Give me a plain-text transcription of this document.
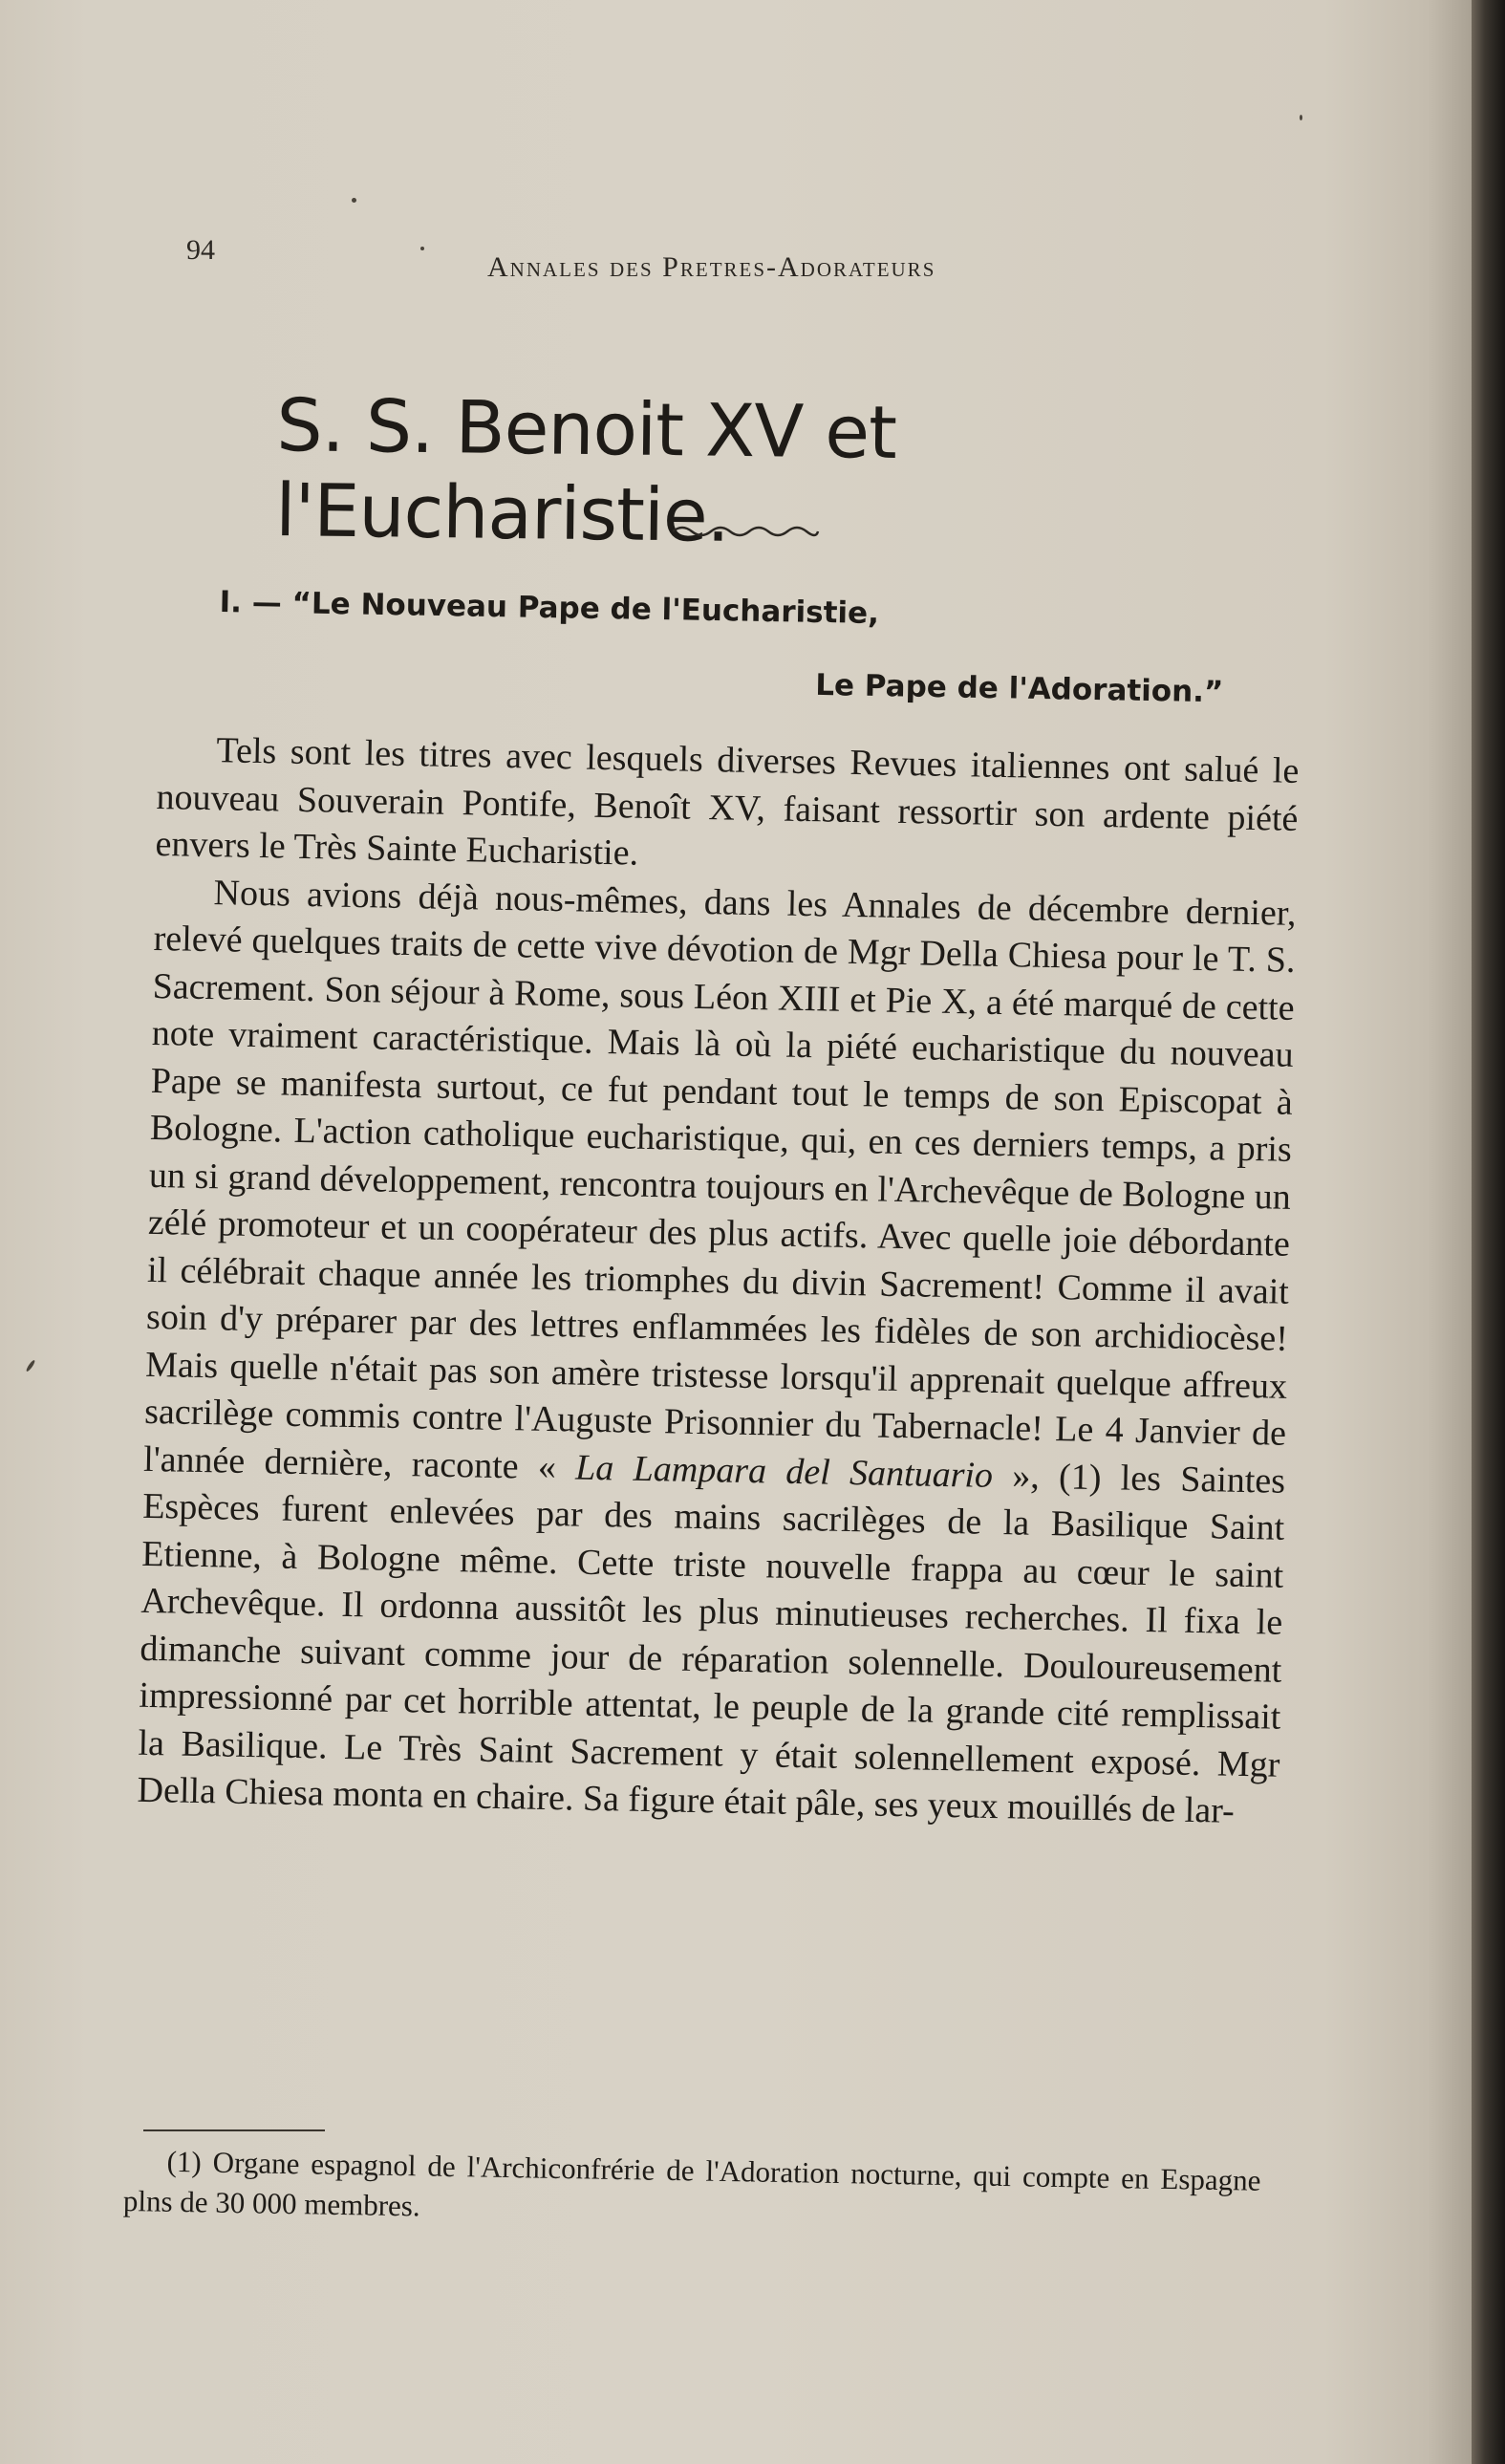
94
Annales des Pretres-Adorateurs
S. S. Benoit XV et l'Eucharistie.
I. — “Le Nouveau Pape de l'Eucharistie,
Le Pape de l'Adoration.”

Tels sont les titres avec lesquels diverses Revues italiennes ont salué le nouveau Souverain Pontife, Benoît XV, faisant ressortir son ardente piété envers le Très Sainte Eucharistie.

Nous avions déjà nous-mêmes, dans les Annales de décembre dernier, relevé quelques traits de cette vive dévotion de Mgr Della Chiesa pour le T. S. Sacrement. Son séjour à Rome, sous Léon XIII et Pie X, a été marqué de cette note vraiment caractéristique. Mais là où la piété eucharistique du nouveau Pape se manifesta surtout, ce fut pendant tout le temps de son Episcopat à Bologne. L'action catholique eucharistique, qui, en ces derniers temps, a pris un si grand développement, rencontra toujours en l'Archevêque de Bologne un zélé promoteur et un coopérateur des plus actifs. Avec quelle joie débordante il célébrait chaque année les triomphes du divin Sacrement! Comme il avait soin d'y préparer par des lettres enflammées les fidèles de son archidiocèse! Mais quelle n'était pas son amère tristesse lorsqu'il apprenait quelque affreux sacrilège commis contre l'Auguste Prisonnier du Tabernacle! Le 4 Janvier de l'année dernière, raconte « La Lampara del Santuario », (1) les Saintes Espèces furent enlevées par des mains sacrilèges de la Basilique Saint Etienne, à Bologne même. Cette triste nouvelle frappa au cœur le saint Archevêque. Il ordonna aussitôt les plus minutieuses recherches. Il fixa le dimanche suivant comme jour de réparation solennelle. Douloureusement impressionné par cet horrible attentat, le peuple de la grande cité remplissait la Basilique. Le Très Saint Sacrement y était solennellement exposé. Mgr Della Chiesa monta en chaire. Sa figure était pâle, ses yeux mouillés de lar-

(1) Organe espagnol de l'Archiconfrérie de l'Adoration nocturne, qui compte en Espagne plns de 30 000 membres.
